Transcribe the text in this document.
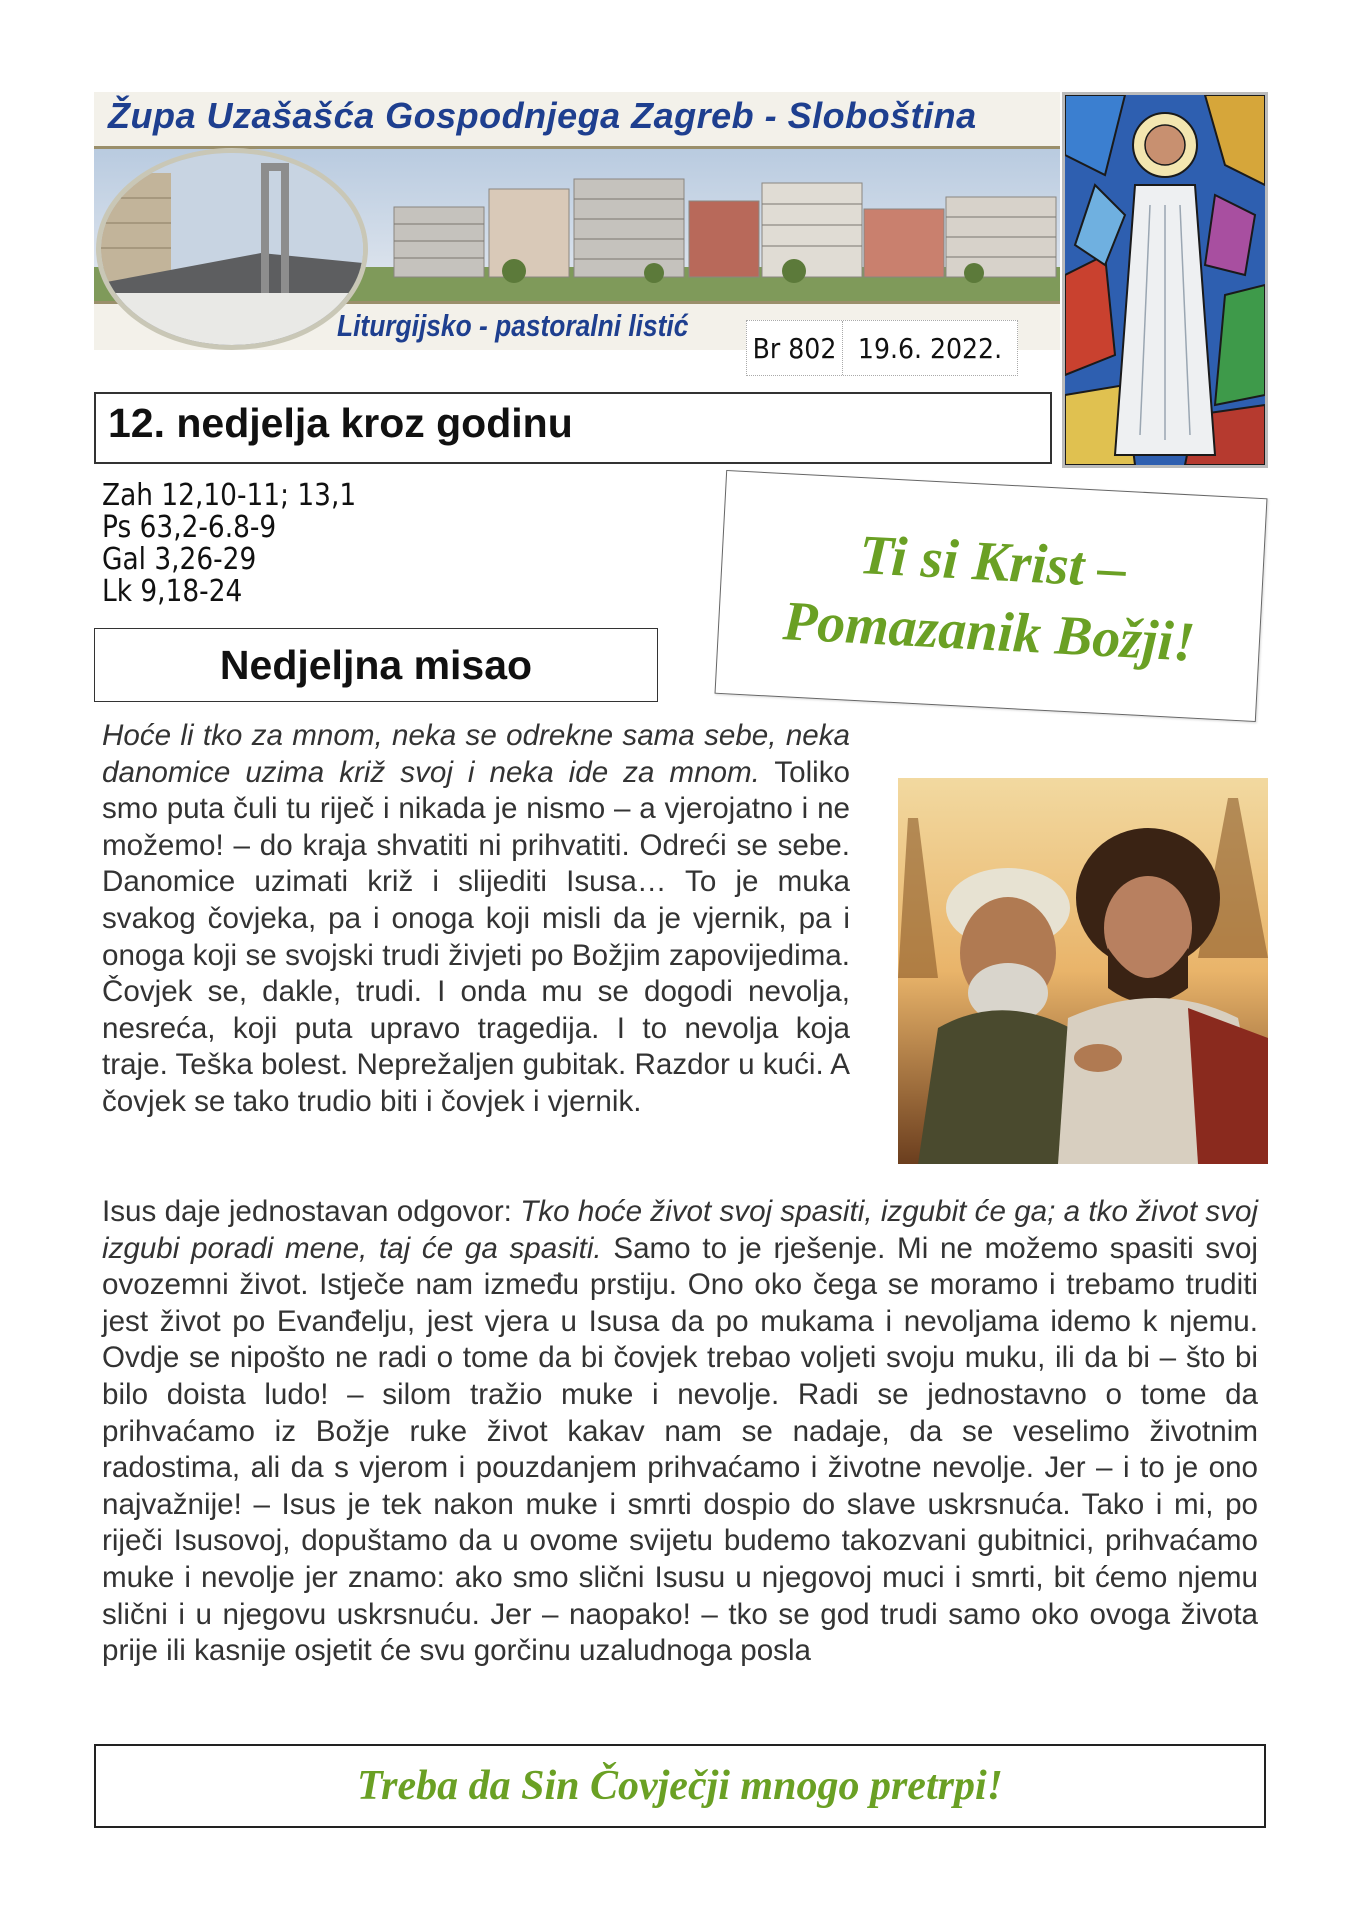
Župa Uzašašća Gospodnjega Zagreb - Sloboština
Liturgijsko - pastoralni listić
Br 802 19.6. 2022.
12. nedjelja kroz godinu
Zah 12,10-11; 13,1
Ps 63,2-6.8-9
Gal 3,26-29
Lk 9,18-24	Ti si Krist –
Pomazanik Božji!
Nedjeljna misao
Hoće li tko za mnom, neka se odrekne sama sebe, neka danomice uzima križ svoj i neka ide za mnom. Toliko smo puta čuli tu riječ i nikada je nismo – a vjerojatno i ne možemo! – do kraja shvatiti ni prihvatiti. Odreći se sebe. Danomice uzimati križ i slijediti Isusa… To je muka svakog čovjeka, pa i onoga koji misli da je vjernik, pa i onoga koji se svojski trudi živjeti po Božjim zapovijedima. Čovjek se, dakle, trudi. I onda mu se dogodi nevolja, nesreća, koji puta upravo tragedija. I to nevolja koja traje. Teška bolest. Neprežaljen gubitak. Razdor u kući. A čovjek se tako trudio biti i čovjek i vjernik.
Isus daje jednostavan odgovor: Tko hoće život svoj spasiti, izgubit će ga; a tko život svoj izgubi poradi mene, taj će ga spasiti. Samo to je rješenje. Mi ne možemo spasiti svoj ovozemni život. Istječe nam između prstiju. Ono oko čega se moramo i trebamo truditi jest život po Evanđelju, jest vjera u Isusa da po mukama i nevoljama idemo k njemu. Ovdje se nipošto ne radi o tome da bi čovjek trebao voljeti svoju muku, ili da bi – što bi bilo doista ludo! – silom tražio muke i nevolje. Radi se jednostavno o tome da prihvaćamo iz Božje ruke život kakav nam se nadaje, da se veselimo životnim radostima, ali da s vjerom i pouzdanjem prihvaćamo i životne nevolje. Jer – i to je ono najvažnije! – Isus je tek nakon muke i smrti dospio do slave uskrsnuća. Tako i mi, po riječi Isusovoj, dopuštamo da u ovome svijetu budemo takozvani gubitnici, prihvaćamo muke i nevolje jer znamo: ako smo slični Isusu u njegovoj muci i smrti, bit ćemo njemu slični i u njegovu uskrsnuću. Jer – naopako! – tko se god trudi samo oko ovoga života prije ili kasnije osjetit će svu gorčinu uzaludnoga posla
Treba da Sin Čovječji mnogo pretrpi!
